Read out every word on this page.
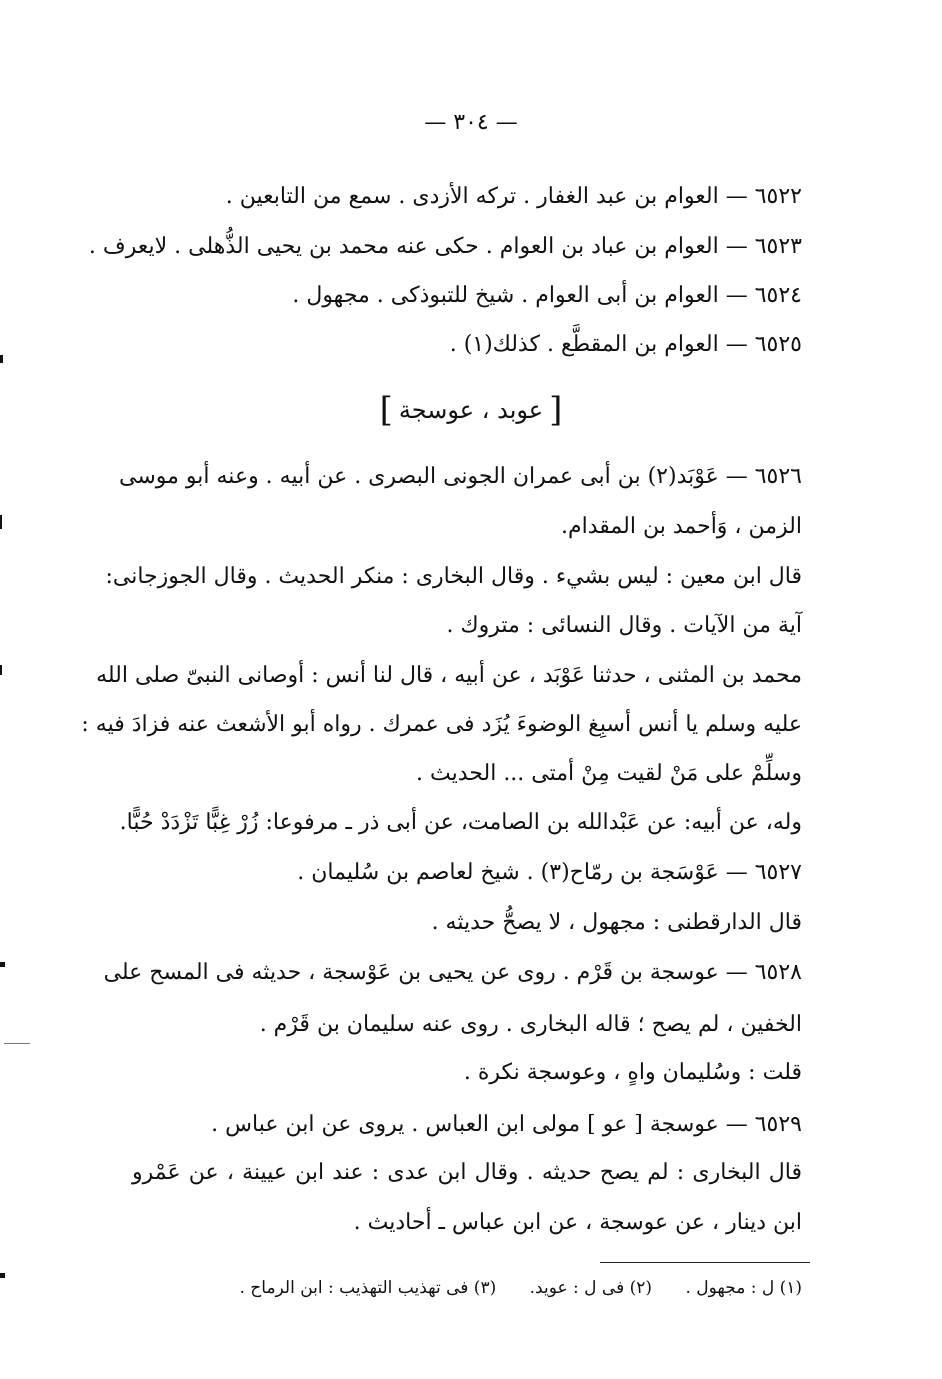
— ٣٠٤ —
٦٥٢٢ — العوام بن عبد الغفار . تركه الأزدى . سمع من التابعين .
٦٥٢٣ — العوام بن عباد بن العوام . حكى عنه محمد بن يحيى الذُّهلى . لايعرف .
٦٥٢٤ — العوام بن أبى العوام . شيخ للتبوذكى . مجهول .
٦٥٢٥ — العوام بن المقطَّع . كذلك(١) .
[عوبد ، عوسجة]
٦٥٢٦ — عَوْبَد(٢) بن أبى عمران الجونى البصرى . عن أبيه . وعنه أبو موسى
الزمن ، وَأحمد بن المقدام.
قال ابن معين : ليس بشيء . وقال البخارى : منكر الحديث . وقال الجوزجانى:
آية من الآيات . وقال النسائى : متروك .
محمد بن المثنى ، حدثنا عَوْبَد ، عن أبيه ، قال لنا أنس : أوصانى النبىّ صلى الله
عليه وسلم يا أنس أسبِغ الوضوءَ يُزَد فى عمرك . رواه أبو الأشعث عنه فزادَ فيه :
وسلِّمْ على مَنْ لقيت مِنْ أمتى ... الحديث .
وله، عن أبيه: عن عَبْدالله بن الصامت، عن أبى ذر ـ مرفوعا: زُرْ غِبًّا تَزْدَدْ حُبًّا.
٦٥٢٧ — عَوْسَجة بن رمّاح(٣) . شيخ لعاصم بن سُليمان .
قال الدارقطنى : مجهول ، لا يصحُّ حديثه .
٦٥٢٨ — عوسجة بن قَرْم . روى عن يحيى بن عَوْسجة ، حديثه فى المسح على
الخفين ، لم يصح ؛ قاله البخارى . روى عنه سليمان بن قَرْم .
قلت : وسُليمان واهٍ ، وعوسجة نكرة .
٦٥٢٩ — عوسجة [ عو ] مولى ابن العباس . يروى عن ابن عباس .
قال البخارى : لم يصح حديثه . وقال ابن عدى : عند ابن عيينة ، عن عَمْرو
ابن دينار ، عن عوسجة ، عن ابن عباس ـ أحاديث .
(١) ل : مجهول . (٢) فى ل : عويد. (٣) فى تهذيب التهذيب : ابن الرماح .
